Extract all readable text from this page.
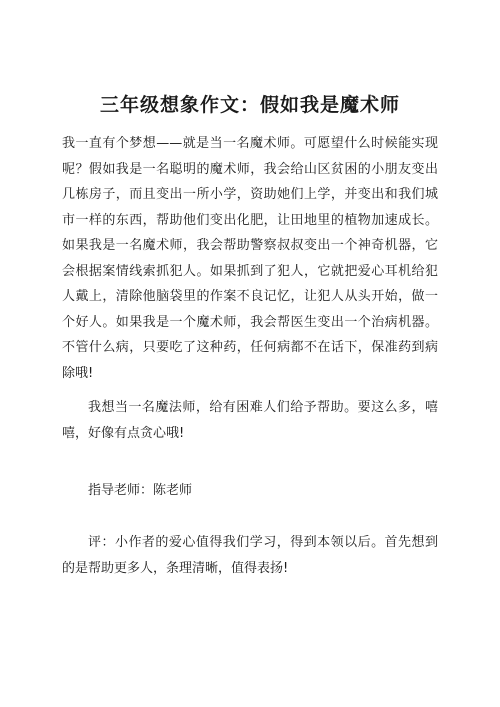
三年级想象作文：假如我是魔术师

我一直有个梦想——就是当一名魔术师。可愿望什么时候能实现呢？假如我是一名聪明的魔术师，我会给山区贫困的小朋友变出几栋房子，而且变出一所小学，资助她们上学，并变出和我们城市一样的东西，帮助他们变出化肥，让田地里的植物加速成长。如果我是一名魔术师，我会帮助警察叔叔变出一个神奇机器，它会根据案情线索抓犯人。如果抓到了犯人，它就把爱心耳机给犯人戴上，清除他脑袋里的作案不良记忆，让犯人从头开始，做一个好人。如果我是一个魔术师，我会帮医生变出一个治病机器。不管什么病，只要吃了这种药，任何病都不在话下，保准药到病除哦!

我想当一名魔法师，给有困难人们给予帮助。要这么多，嘻嘻，好像有点贪心哦!

指导老师：陈老师

评：小作者的爱心值得我们学习，得到本领以后。首先想到的是帮助更多人，条理清晰，值得表扬!
